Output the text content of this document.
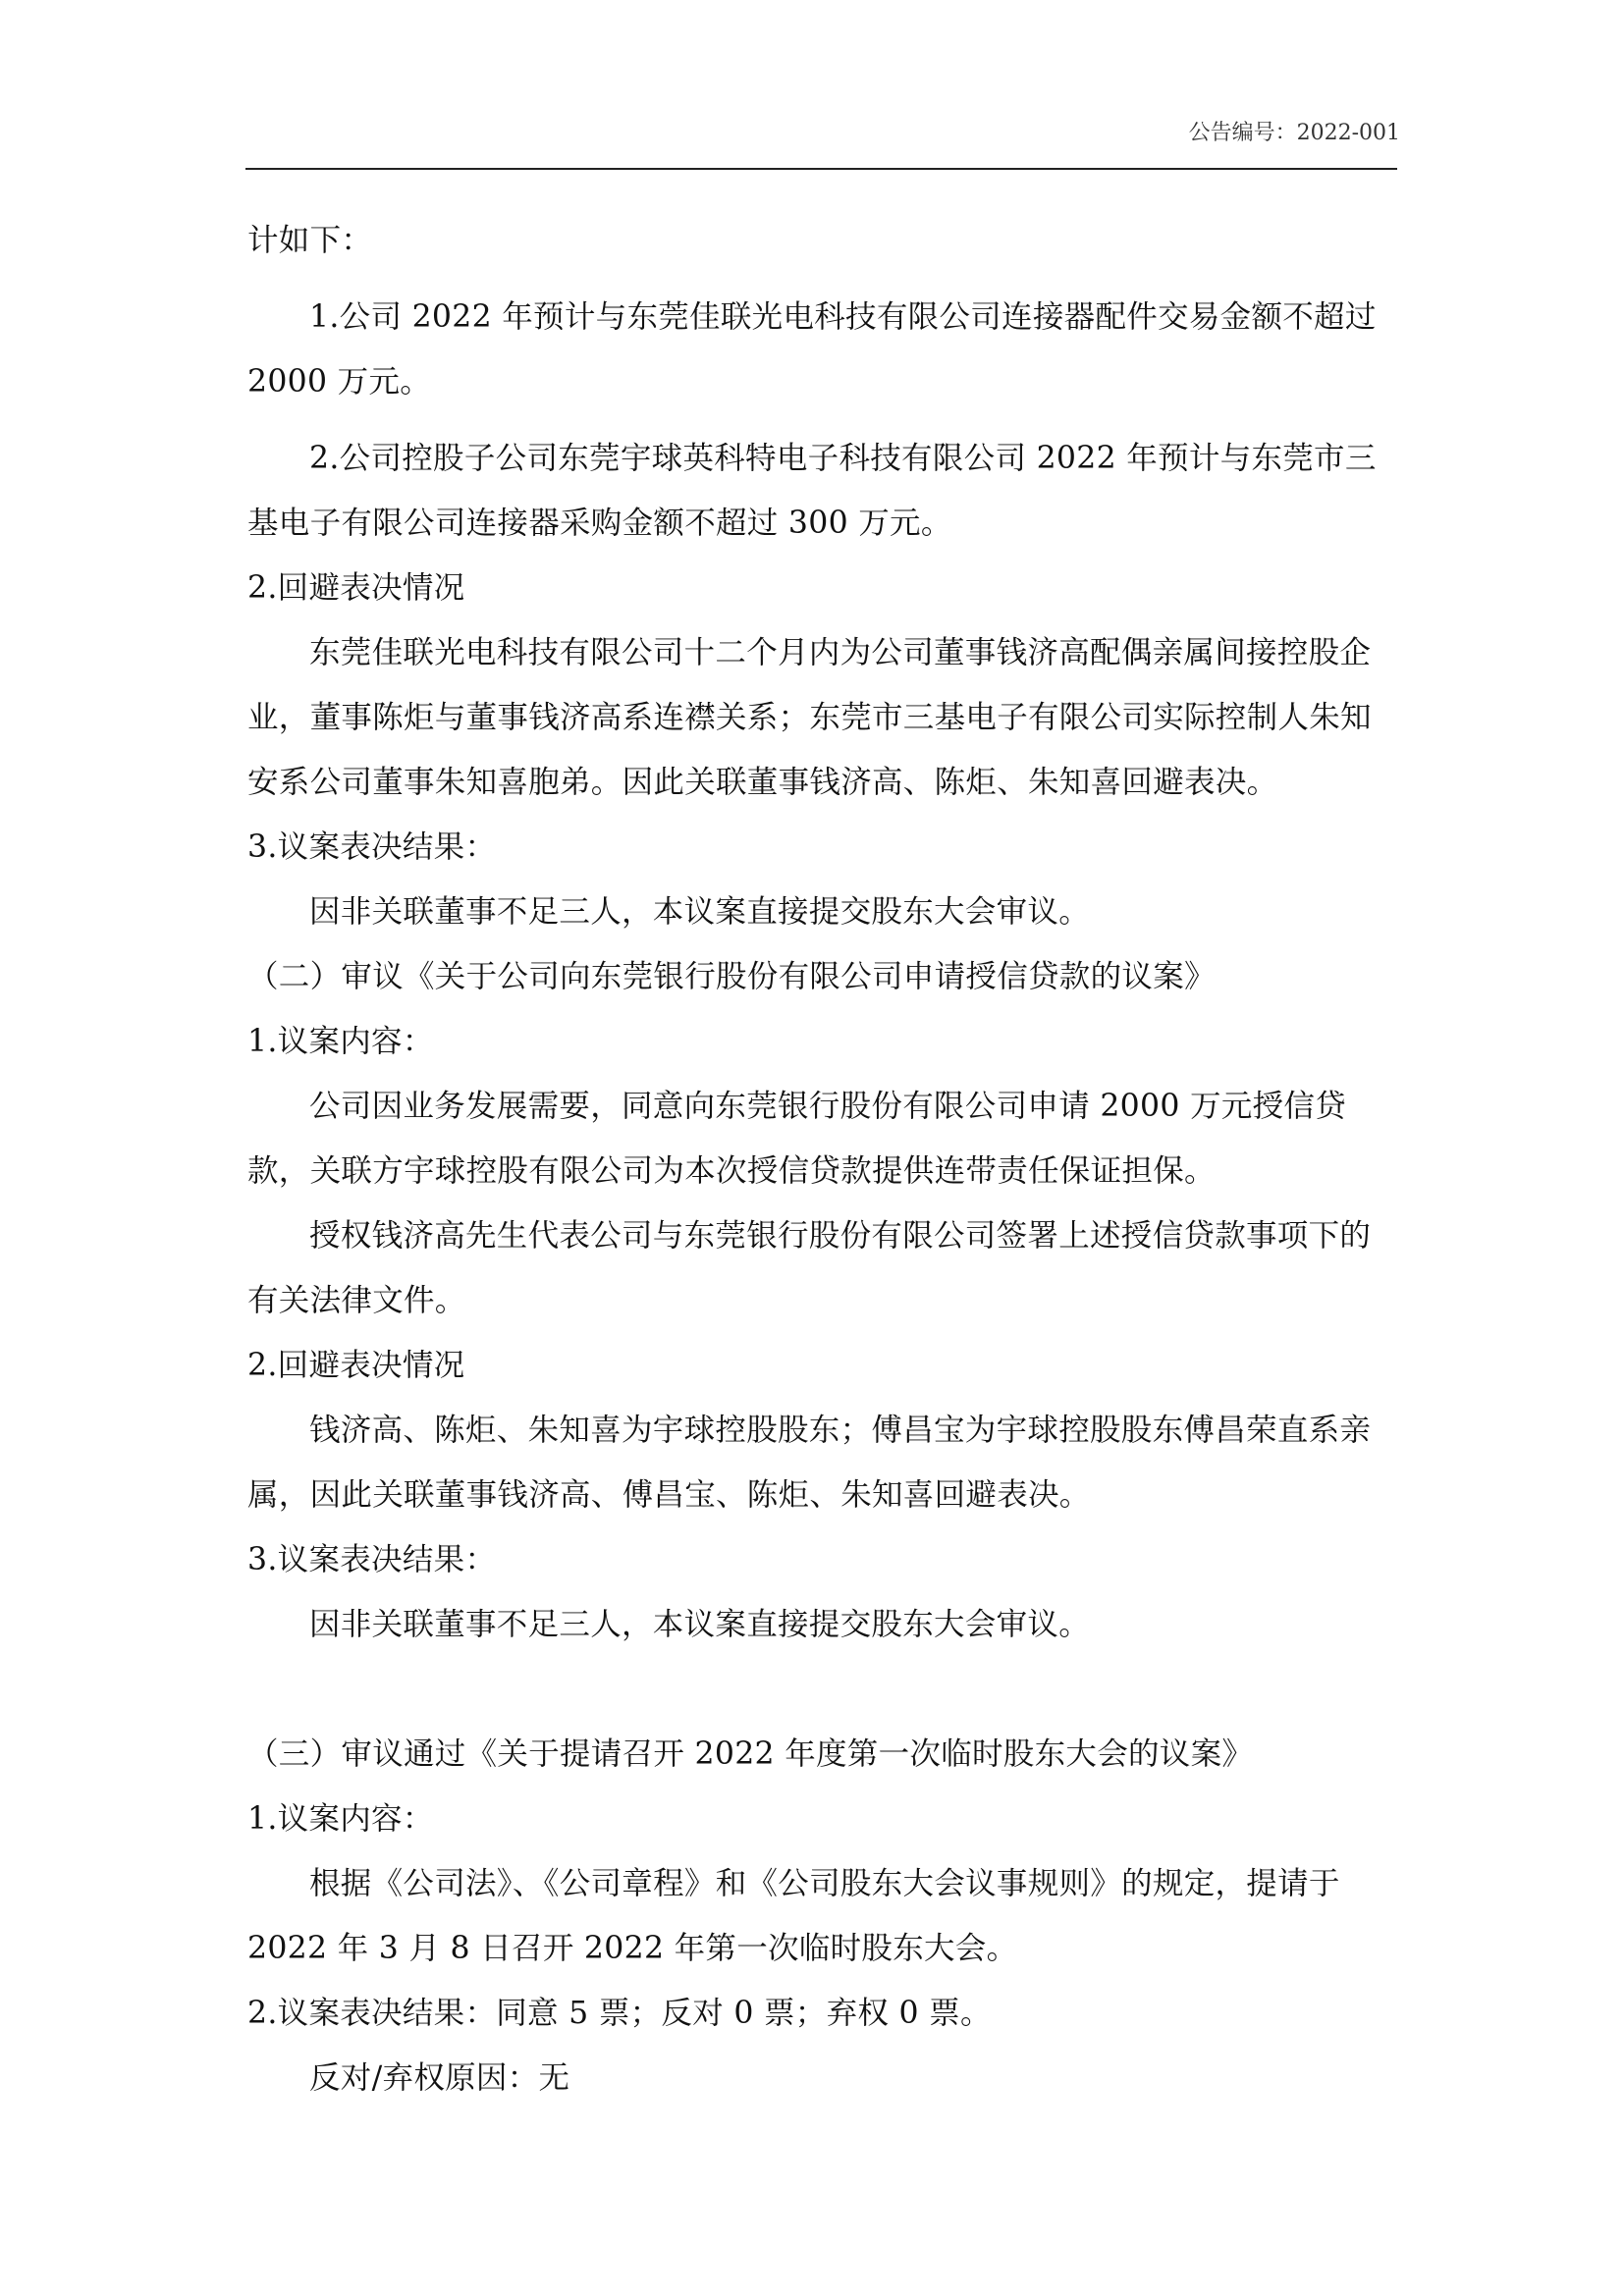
公告编号：2022-001

计如下：

1.公司 2022 年预计与东莞佳联光电科技有限公司连接器配件交易金额不超过 2000 万元。

2.公司控股子公司东莞宇球英科特电子科技有限公司 2022 年预计与东莞市三基电子有限公司连接器采购金额不超过 300 万元。

2.回避表决情况

东莞佳联光电科技有限公司十二个月内为公司董事钱济高配偶亲属间接控股企业，董事陈炬与董事钱济高系连襟关系；东莞市三基电子有限公司实际控制人朱知安系公司董事朱知喜胞弟。因此关联董事钱济高、陈炬、朱知喜回避表决。

3.议案表决结果：

因非关联董事不足三人，本议案直接提交股东大会审议。

（二）审议《关于公司向东莞银行股份有限公司申请授信贷款的议案》

1.议案内容：

公司因业务发展需要，同意向东莞银行股份有限公司申请 2000 万元授信贷款，关联方宇球控股有限公司为本次授信贷款提供连带责任保证担保。

授权钱济高先生代表公司与东莞银行股份有限公司签署上述授信贷款事项下的有关法律文件。

2.回避表决情况

钱济高、陈炬、朱知喜为宇球控股股东；傅昌宝为宇球控股股东傅昌荣直系亲属，因此关联董事钱济高、傅昌宝、陈炬、朱知喜回避表决。

3.议案表决结果：

因非关联董事不足三人，本议案直接提交股东大会审议。

（三）审议通过《关于提请召开 2022 年度第一次临时股东大会的议案》

1.议案内容：

根据《公司法》、《公司章程》和《公司股东大会议事规则》的规定，提请于 2022 年 3 月 8 日召开 2022 年第一次临时股东大会。

2.议案表决结果：同意 5 票；反对 0 票；弃权 0 票。

反对/弃权原因：无
